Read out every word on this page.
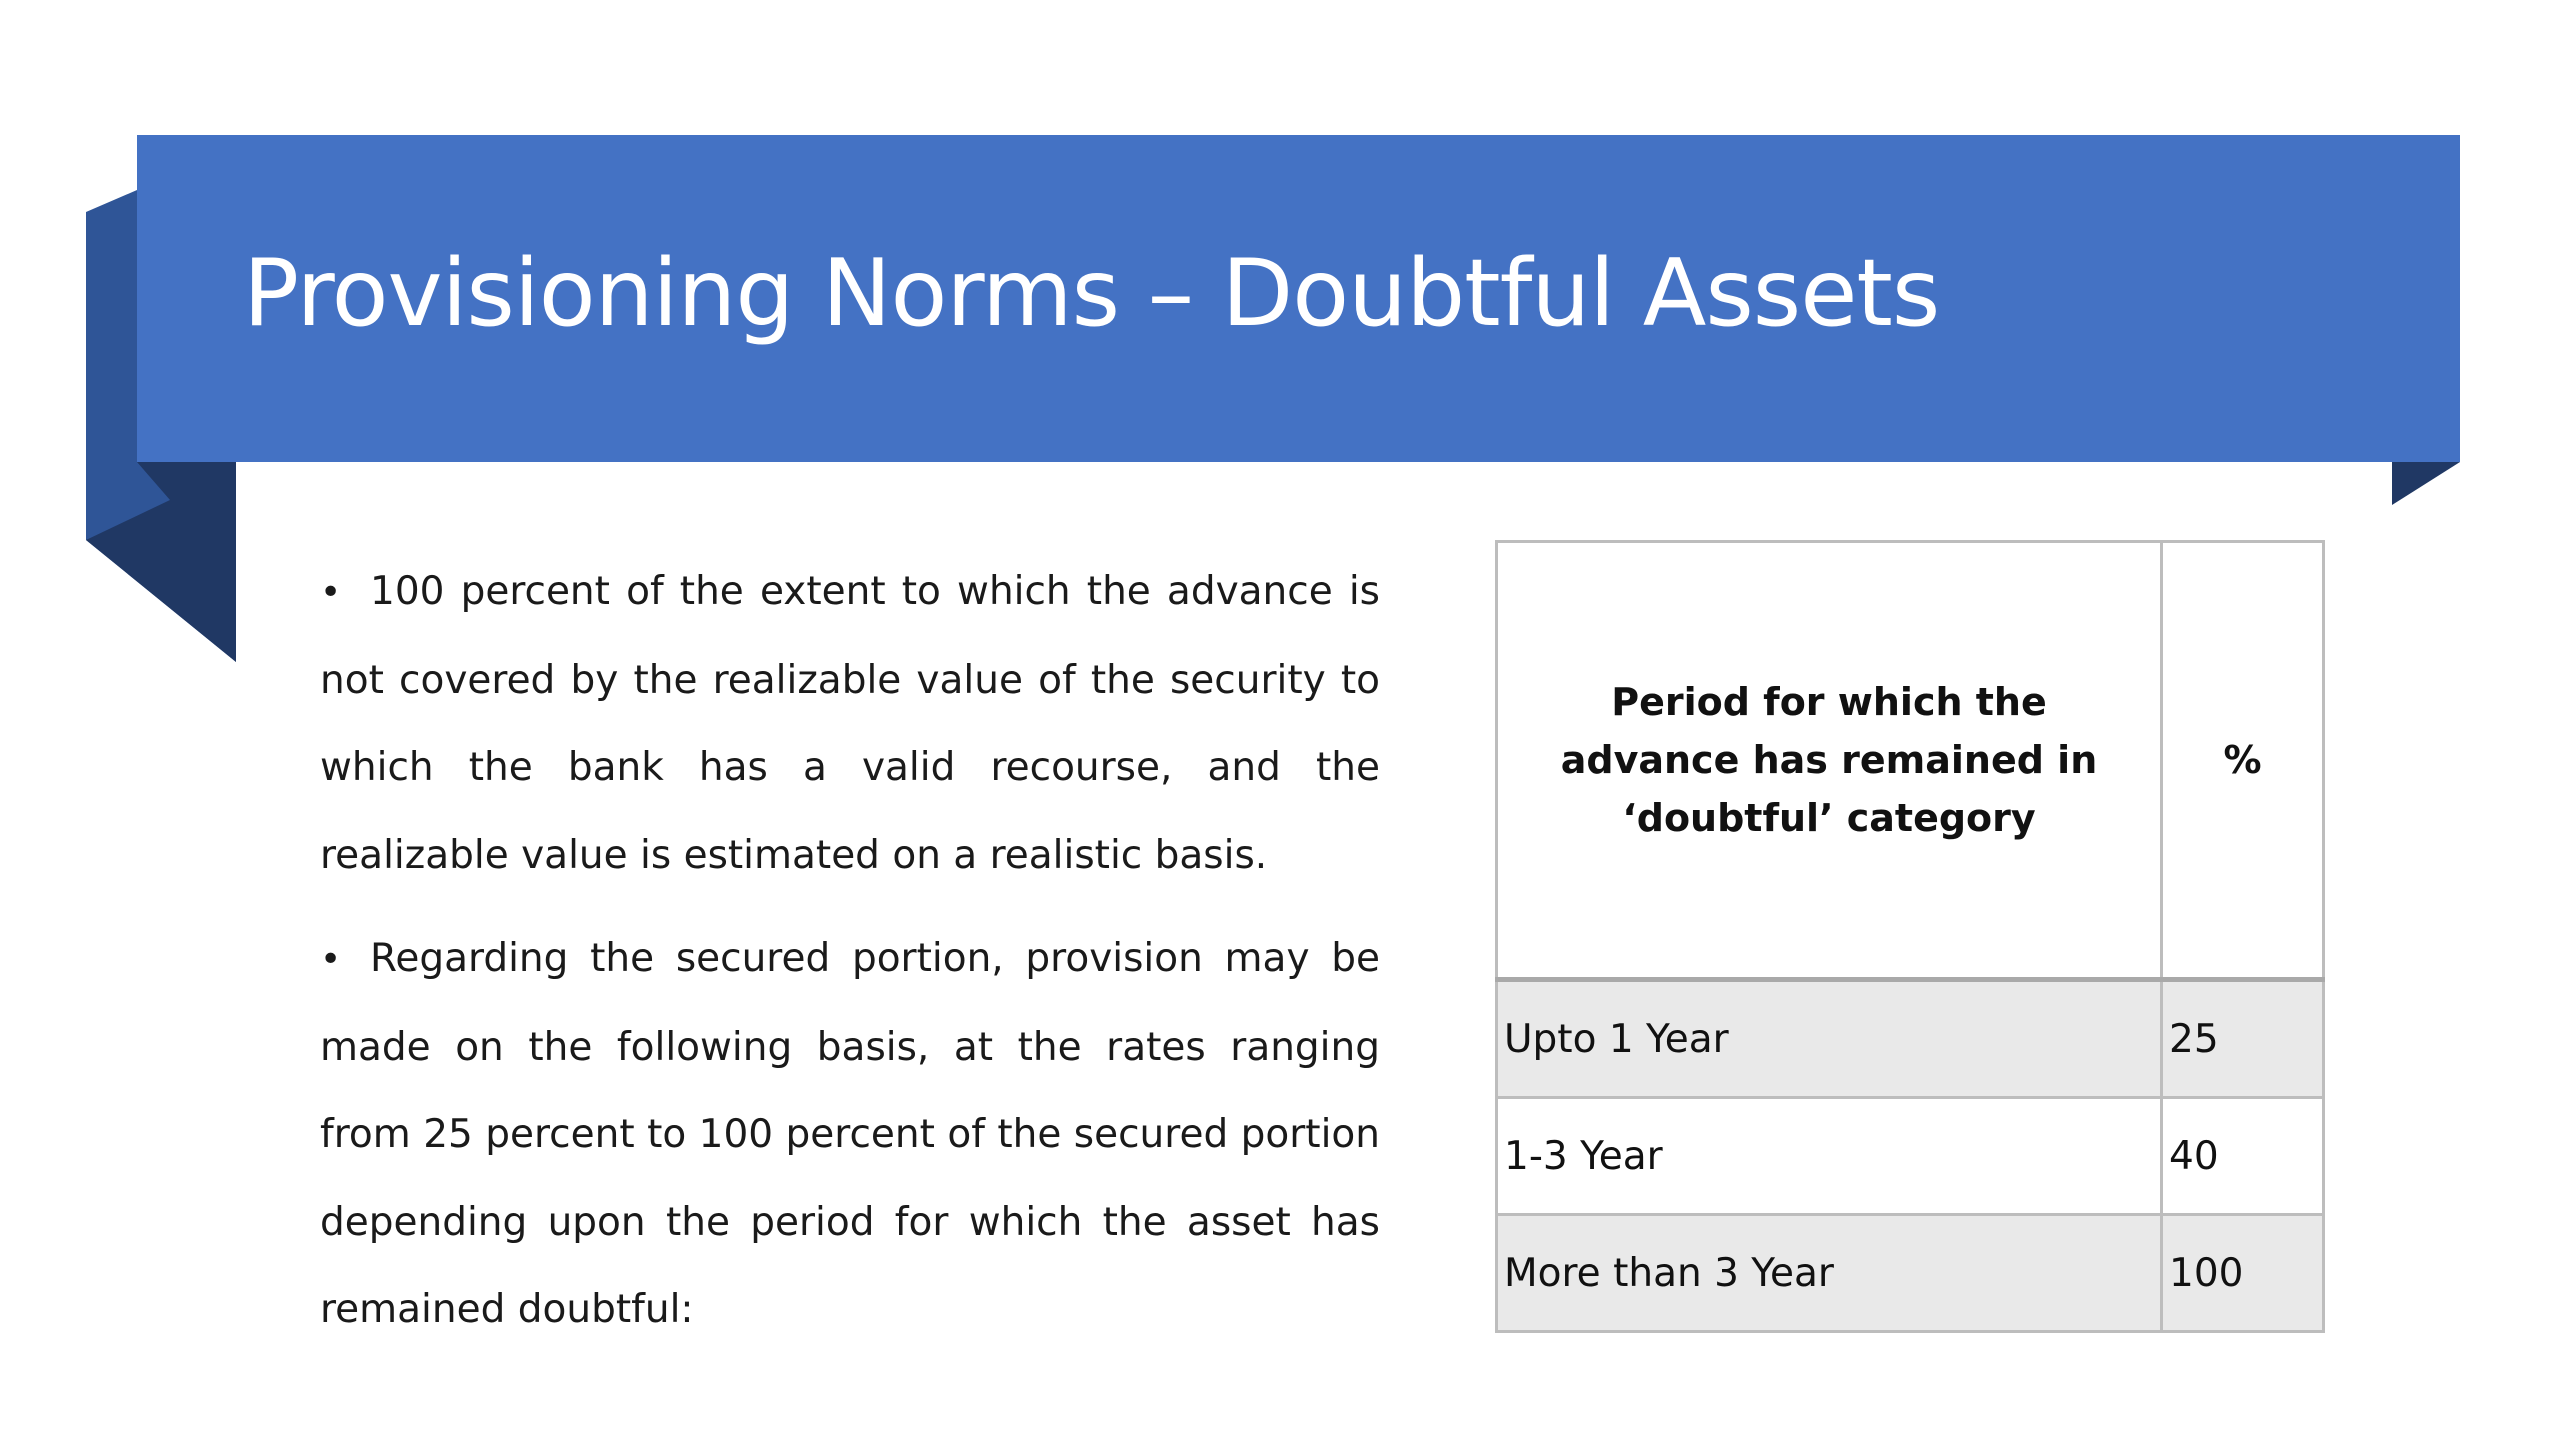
Provisioning Norms – Doubtful Assets

• 100 percent of the extent to which the advance is not covered by the realizable value of the security to which the bank has a valid recourse, and the realizable value is estimated on a realistic basis.

• Regarding the secured portion, provision may be made on the following basis, at the rates ranging from 25 percent to 100 percent of the secured portion depending upon the period for which the asset has remained doubtful:

Period for which the advance has remained in ‘doubtful’ category	%
Upto 1 Year	25
1-3 Year	40
More than 3 Year	100
